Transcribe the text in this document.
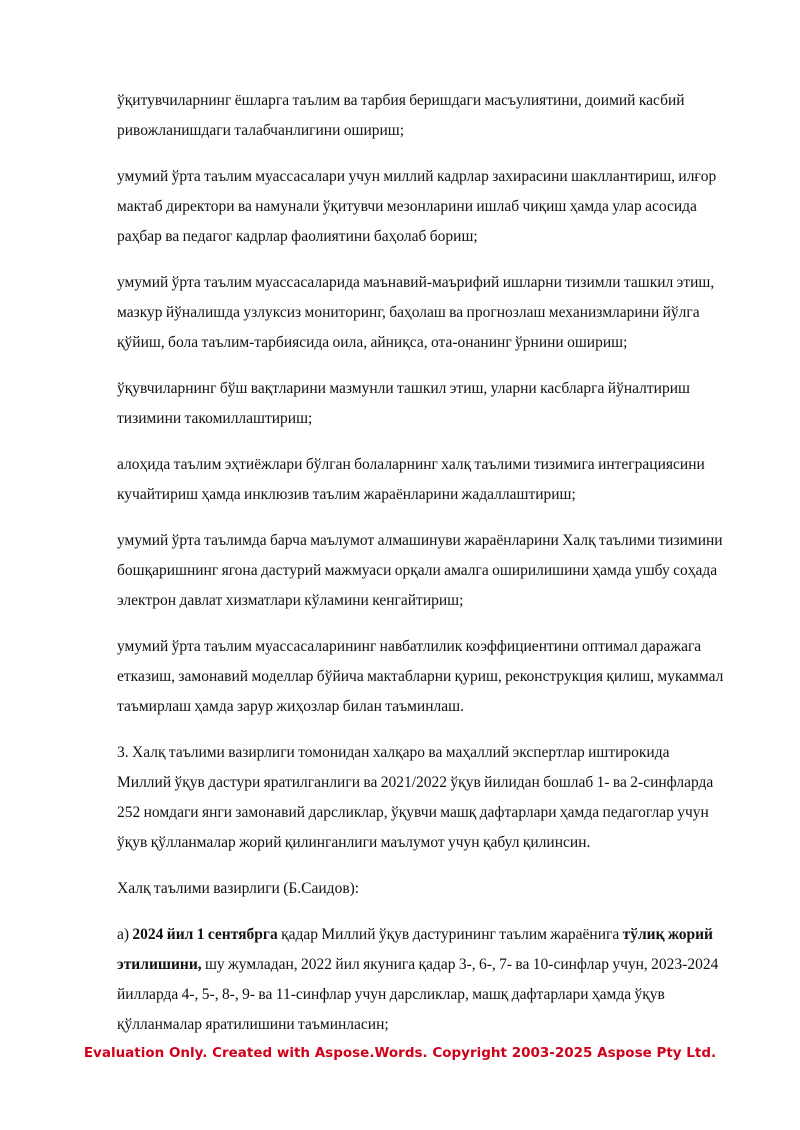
ўқитувчиларнинг ёшларга таълим ва тарбия беришдаги масъулиятини, доимий касбий
ривожланишдаги талабчанлигини ошириш;

умумий ўрта таълим муассасалари учун миллий кадрлар захирасини шакллантириш, илғор
мактаб директори ва намунали ўқитувчи мезонларини ишлаб чиқиш ҳамда улар асосида
раҳбар ва педагог кадрлар фаолиятини баҳолаб бориш;

умумий ўрта таълим муассасаларида маънавий-маърифий ишларни тизимли ташкил этиш,
мазкур йўналишда узлуксиз мониторинг, баҳолаш ва прогнозлаш механизмларини йўлга
қўйиш, бола таълим-тарбиясида оила, айниқса, ота-онанинг ўрнини ошириш;

ўқувчиларнинг бўш вақтларини мазмунли ташкил этиш, уларни касбларга йўналтириш
тизимини такомиллаштириш;

алоҳида таълим эҳтиёжлари бўлган болаларнинг халқ таълими тизимига интеграциясини
кучайтириш ҳамда инклюзив таълим жараёнларини жадаллаштириш;

умумий ўрта таълимда барча маълумот алмашинуви жараёнларини Халқ таълими тизимини
бошқаришнинг ягона дастурий мажмуаси орқали амалга оширилишини ҳамда ушбу соҳада
электрон давлат хизматлари кўламини кенгайтириш;

умумий ўрта таълим муассасаларининг навбатлилик коэффициентини оптимал даражага
етказиш, замонавий моделлар бўйича мактабларни қуриш, реконструкция қилиш, мукаммал
таъмирлаш ҳамда зарур жиҳозлар билан таъминлаш.

3. Халқ таълими вазирлиги томонидан халқаро ва маҳаллий экспертлар иштирокида
Миллий ўқув дастури яратилганлиги ва 2021/2022 ўқув йилидан бошлаб 1- ва 2-синфларда
252 номдаги янги замонавий дарсликлар, ўқувчи машқ дафтарлари ҳамда педагоглар учун
ўқув қўлланмалар жорий қилинганлиги маълумот учун қабул қилинсин.

Халқ таълими вазирлиги (Б.Саидов):

а) 2024 йил 1 сентябрга қадар Миллий ўқув дастурининг таълим жараёнига тўлиқ жорий
этилишини, шу жумладан, 2022 йил якунига қадар 3-, 6-, 7- ва 10-синфлар учун, 2023-2024
йилларда 4-, 5-, 8-, 9- ва 11-синфлар учун дарсликлар, машқ дафтарлари ҳамда ўқув
қўлланмалар яратилишини таъминласин;

Evaluation Only. Created with Aspose.Words. Copyright 2003-2025 Aspose Pty Ltd.
